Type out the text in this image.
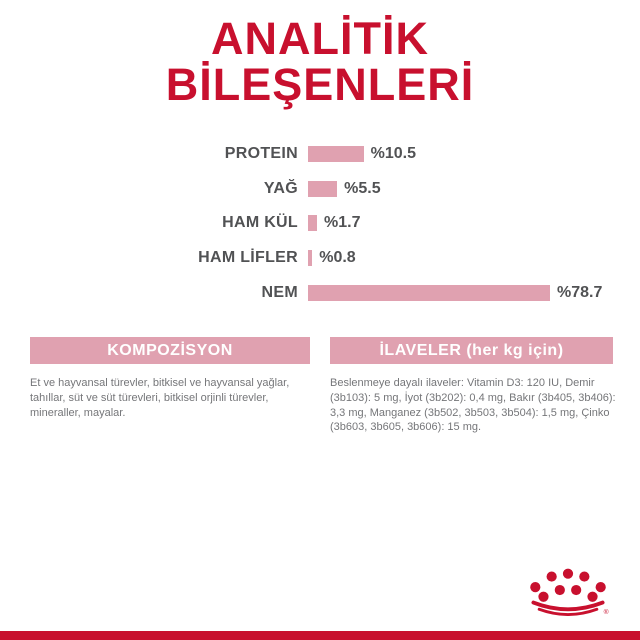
ANALİTİK
BİLEŞENLERİ
PROTEIN	%10.5
YAĞ	%5.5
HAM KÜL	%1.7
HAM LİFLER	%0.8
NEM	%78.7
KOMPOZİSYON	İLAVELER (her kg için)

Et ve hayvansal türevler, bitkisel ve hayvansal yağlar, tahıllar, süt ve süt türevleri, bitkisel orjinli türevler, mineraller, mayalar.

Beslenmeye dayalı ilaveler: Vitamin D3: 120 IU, Demir (3b103): 5 mg, İyot (3b202): 0,4 mg, Bakır (3b405, 3b406): 3,3 mg, Manganez (3b502, 3b503, 3b504): 1,5 mg, Çinko (3b603, 3b605, 3b606): 15 mg.

®
